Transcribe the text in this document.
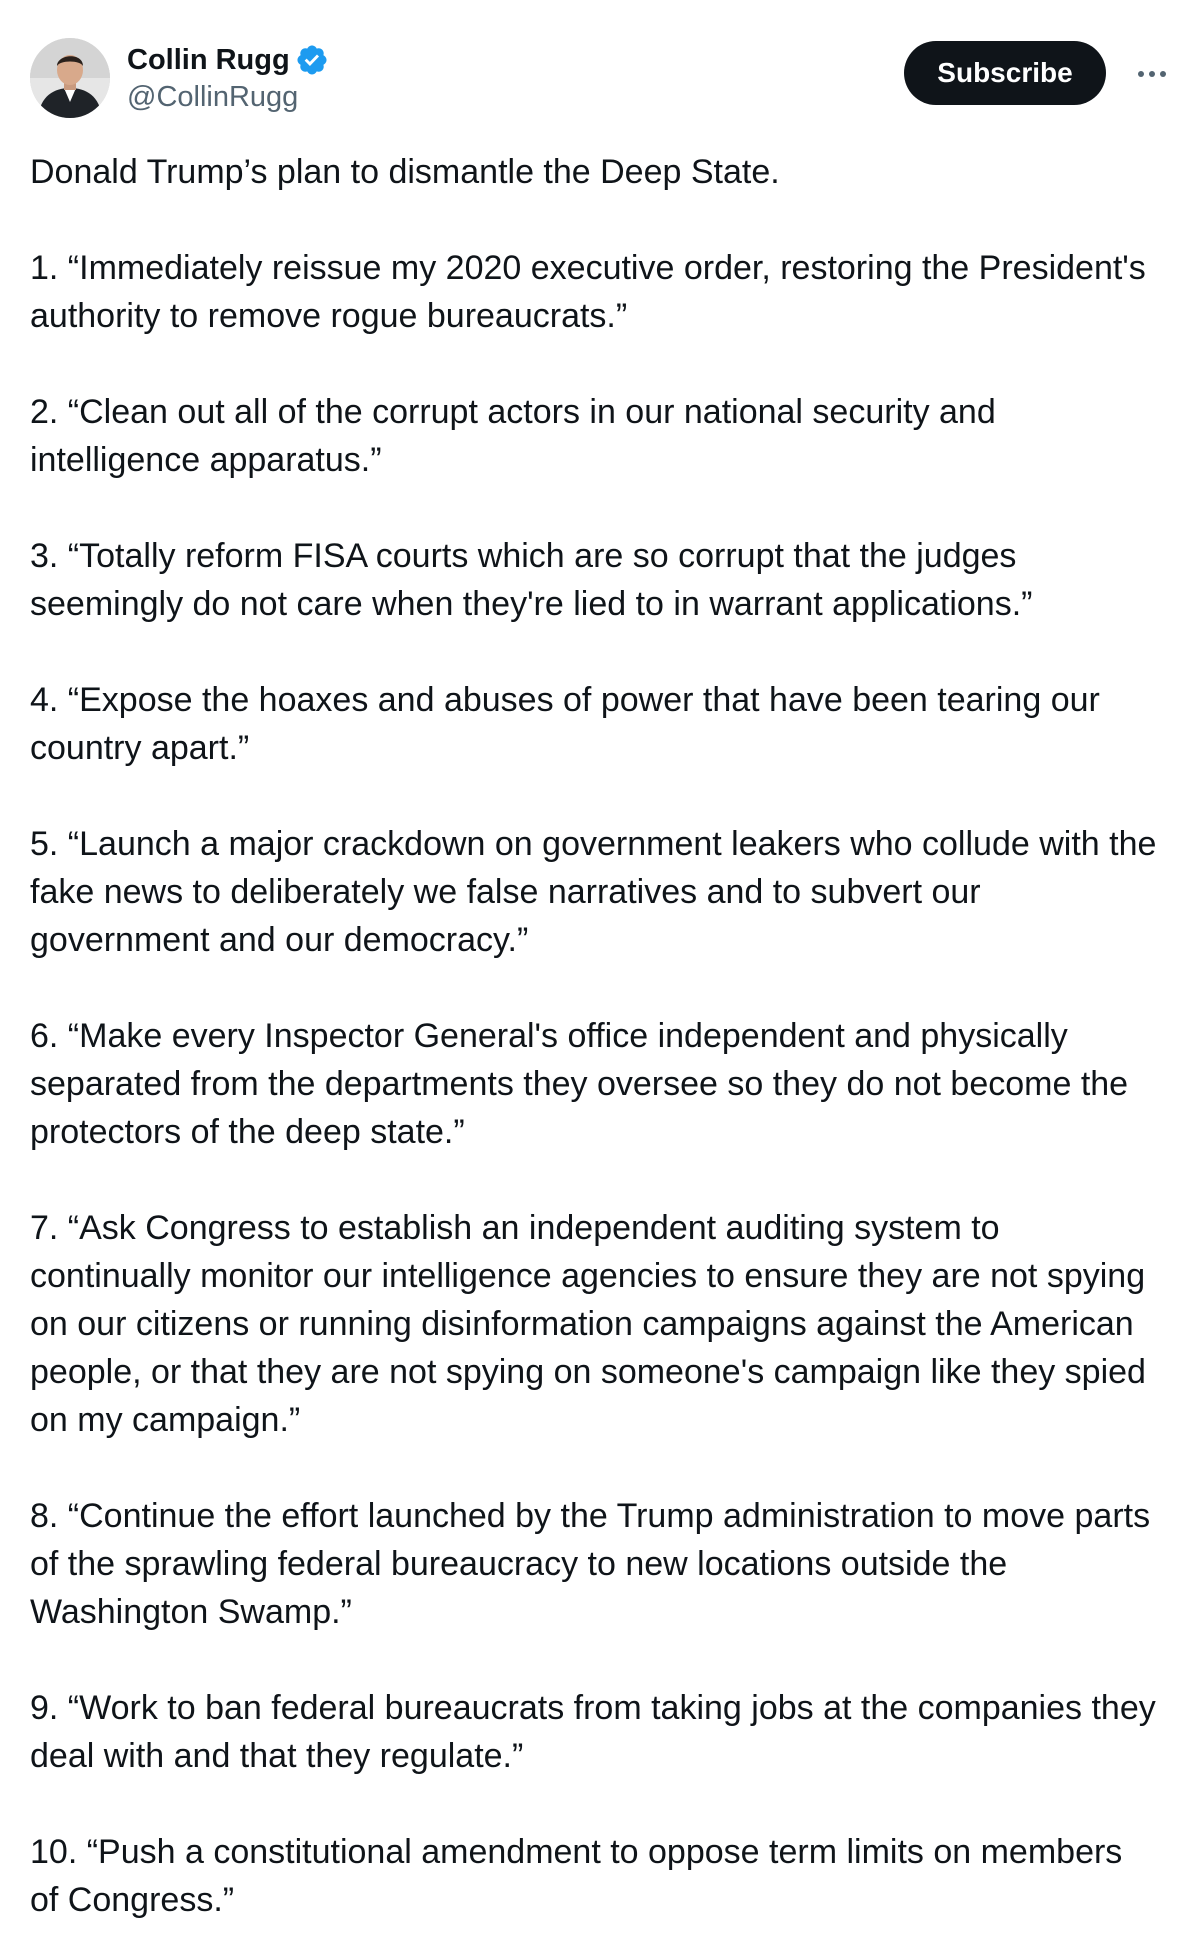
Collin Rugg
@CollinRugg
Subscribe

Donald Trump’s plan to dismantle the Deep State.

1. “Immediately reissue my 2020 executive order, restoring the President's authority to remove rogue bureaucrats.”

2. “Clean out all of the corrupt actors in our national security and intelligence apparatus.”

3. “Totally reform FISA courts which are so corrupt that the judges seemingly do not care when they're lied to in warrant applications.”

4. “Expose the hoaxes and abuses of power that have been tearing our country apart.”

5. “Launch a major crackdown on government leakers who collude with the fake news to deliberately we false narratives and to subvert our government and our democracy.”

6. “Make every Inspector General's office independent and physically separated from the departments they oversee so they do not become the protectors of the deep state.”

7. “Ask Congress to establish an independent auditing system to continually monitor our intelligence agencies to ensure they are not spying on our citizens or running disinformation campaigns against the American people, or that they are not spying on someone's campaign like they spied on my campaign.”

8. “Continue the effort launched by the Trump administration to move parts of the sprawling federal bureaucracy to new locations outside the Washington Swamp.”

9. “Work to ban federal bureaucrats from taking jobs at the companies they deal with and that they regulate.”

10. “Push a constitutional amendment to oppose term limits on members of Congress.”
